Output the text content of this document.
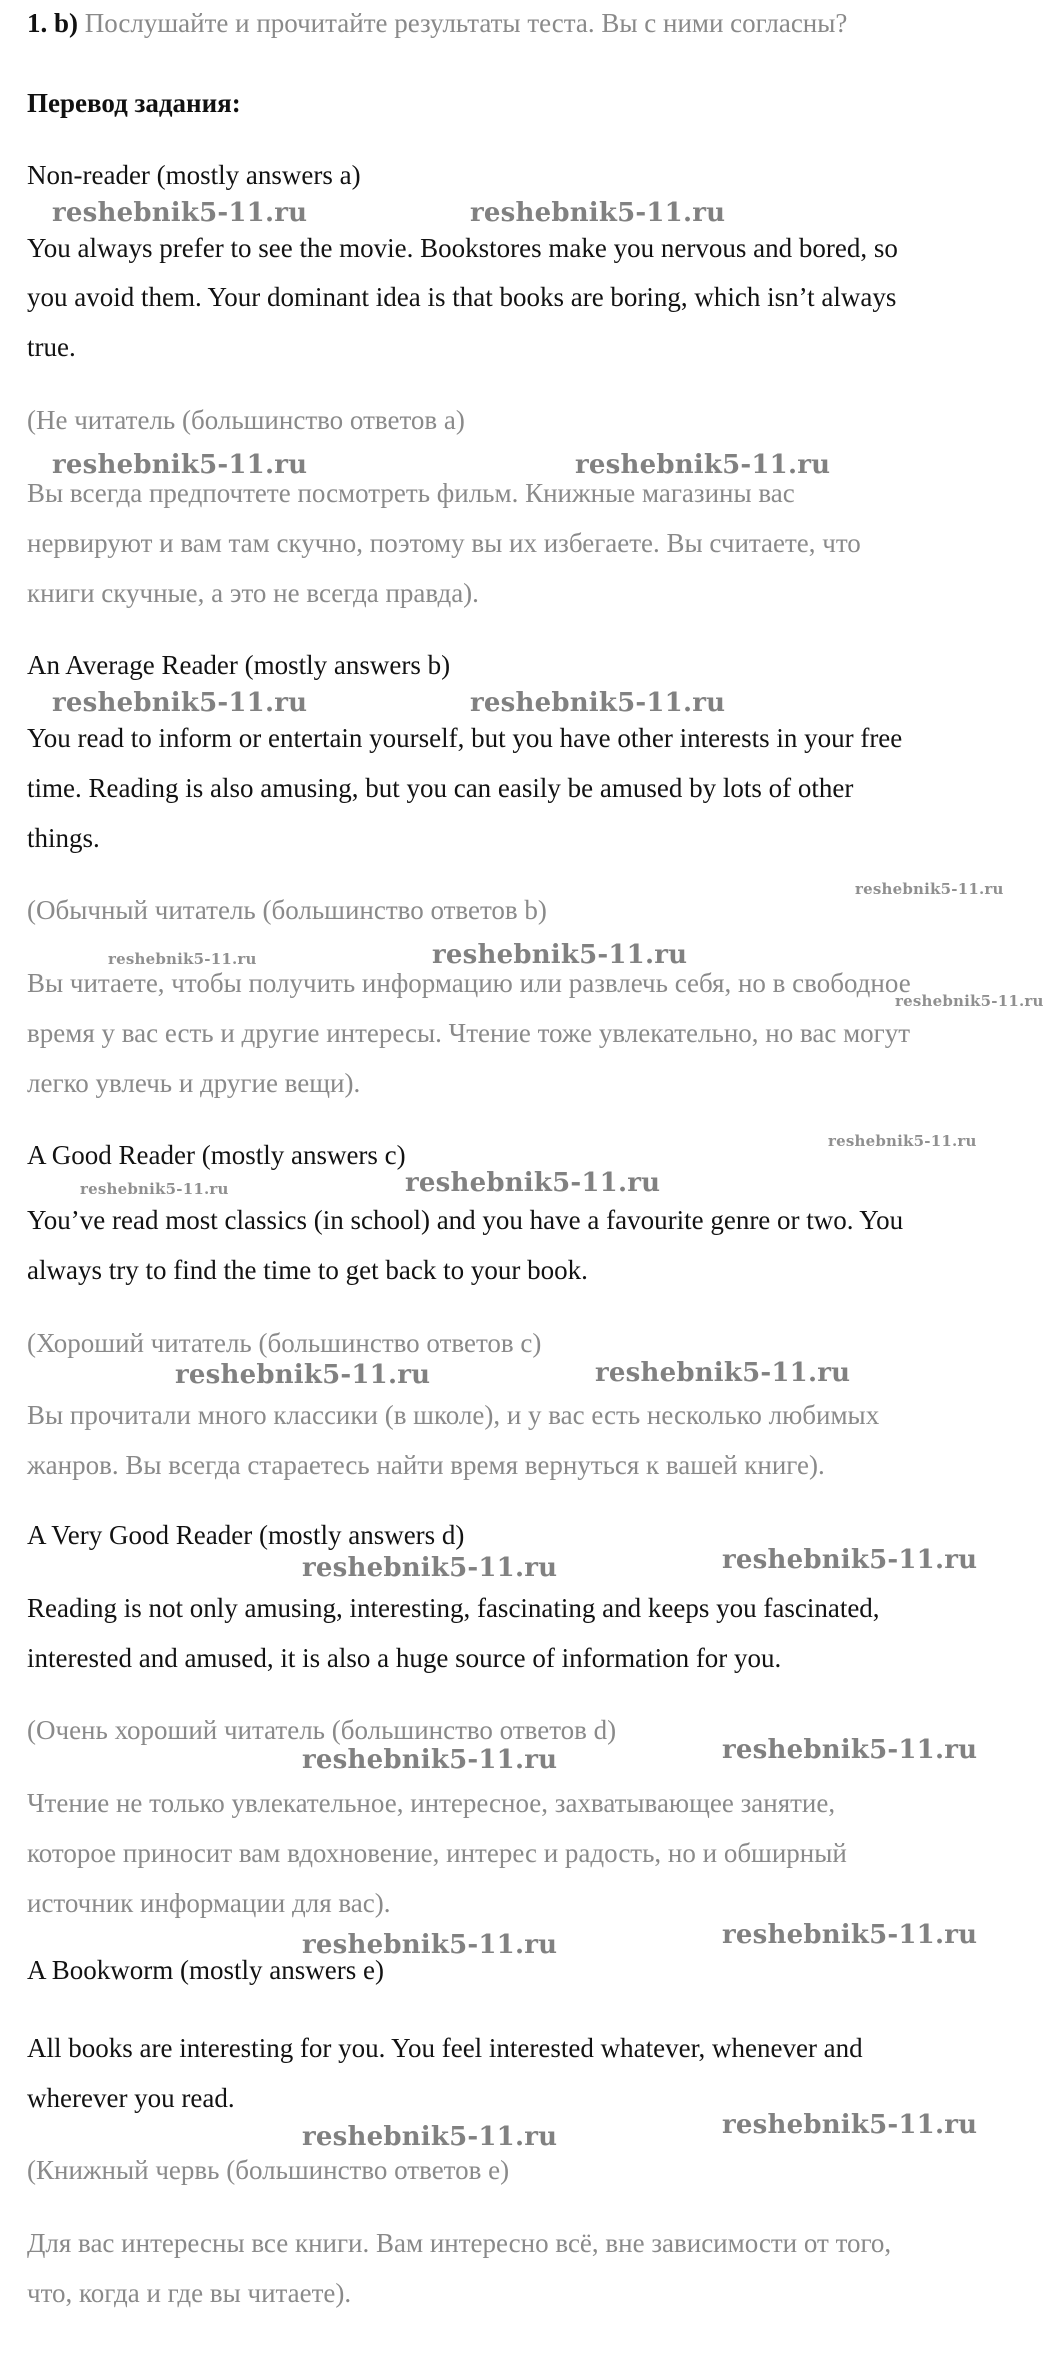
1. b) Послушайте и прочитайте результаты теста. Вы с ними согласны?
Перевод задания:
Non-reader (mostly answers a)
You always prefer to see the movie. Bookstores make you nervous and bored, so
you avoid them. Your dominant idea is that books are boring, which isn’t always
true.
(Не читатель (большинство ответов а)
Вы всегда предпочтете посмотреть фильм. Книжные магазины вас
нервируют и вам там скучно, поэтому вы их избегаете. Вы считаете, что
книги скучные, а это не всегда правда).
An Average Reader (mostly answers b)
You read to inform or entertain yourself, but you have other interests in your free
time. Reading is also amusing, but you can easily be amused by lots of other
things.
(Обычный читатель (большинство ответов b)
Вы читаете, чтобы получить информацию или развлечь себя, но в свободное
время у вас есть и другие интересы. Чтение тоже увлекательно, но вас могут
легко увлечь и другие вещи).
A Good Reader (mostly answers c)
You’ve read most classics (in school) and you have a favourite genre or two. You
always try to find the time to get back to your book.
(Хороший читатель (большинство ответов с)
Вы прочитали много классики (в школе), и у вас есть несколько любимых
жанров. Вы всегда стараетесь найти время вернуться к вашей книге).
A Very Good Reader (mostly answers d)
Reading is not only amusing, interesting, fascinating and keeps you fascinated,
interested and amused, it is also a huge source of information for you.
(Очень хороший читатель (большинство ответов d)
Чтение не только увлекательное, интересное, захватывающее занятие,
которое приносит вам вдохновение, интерес и радость, но и обширный
источник информации для вас).
A Bookworm (mostly answers e)
All books are interesting for you. You feel interested whatever, whenever and
wherever you read.
(Книжный червь (большинство ответов е)
Для вас интересны все книги. Вам интересно всё, вне зависимости от того,
что, когда и где вы читаете).
reshebnik5-11.ru	reshebnik5-11.ru
reshebnik5-11.ru	reshebnik5-11.ru
reshebnik5-11.ru	reshebnik5-11.ru
reshebnik5-11.ru
reshebnik5-11.ru	reshebnik5-11.ru
reshebnik5-11.ru
reshebnik5-11.ru
reshebnik5-11.ru	reshebnik5-11.ru
reshebnik5-11.ru	reshebnik5-11.ru
reshebnik5-11.ru	reshebnik5-11.ru
reshebnik5-11.ru	reshebnik5-11.ru
reshebnik5-11.ru	reshebnik5-11.ru
reshebnik5-11.ru	reshebnik5-11.ru
